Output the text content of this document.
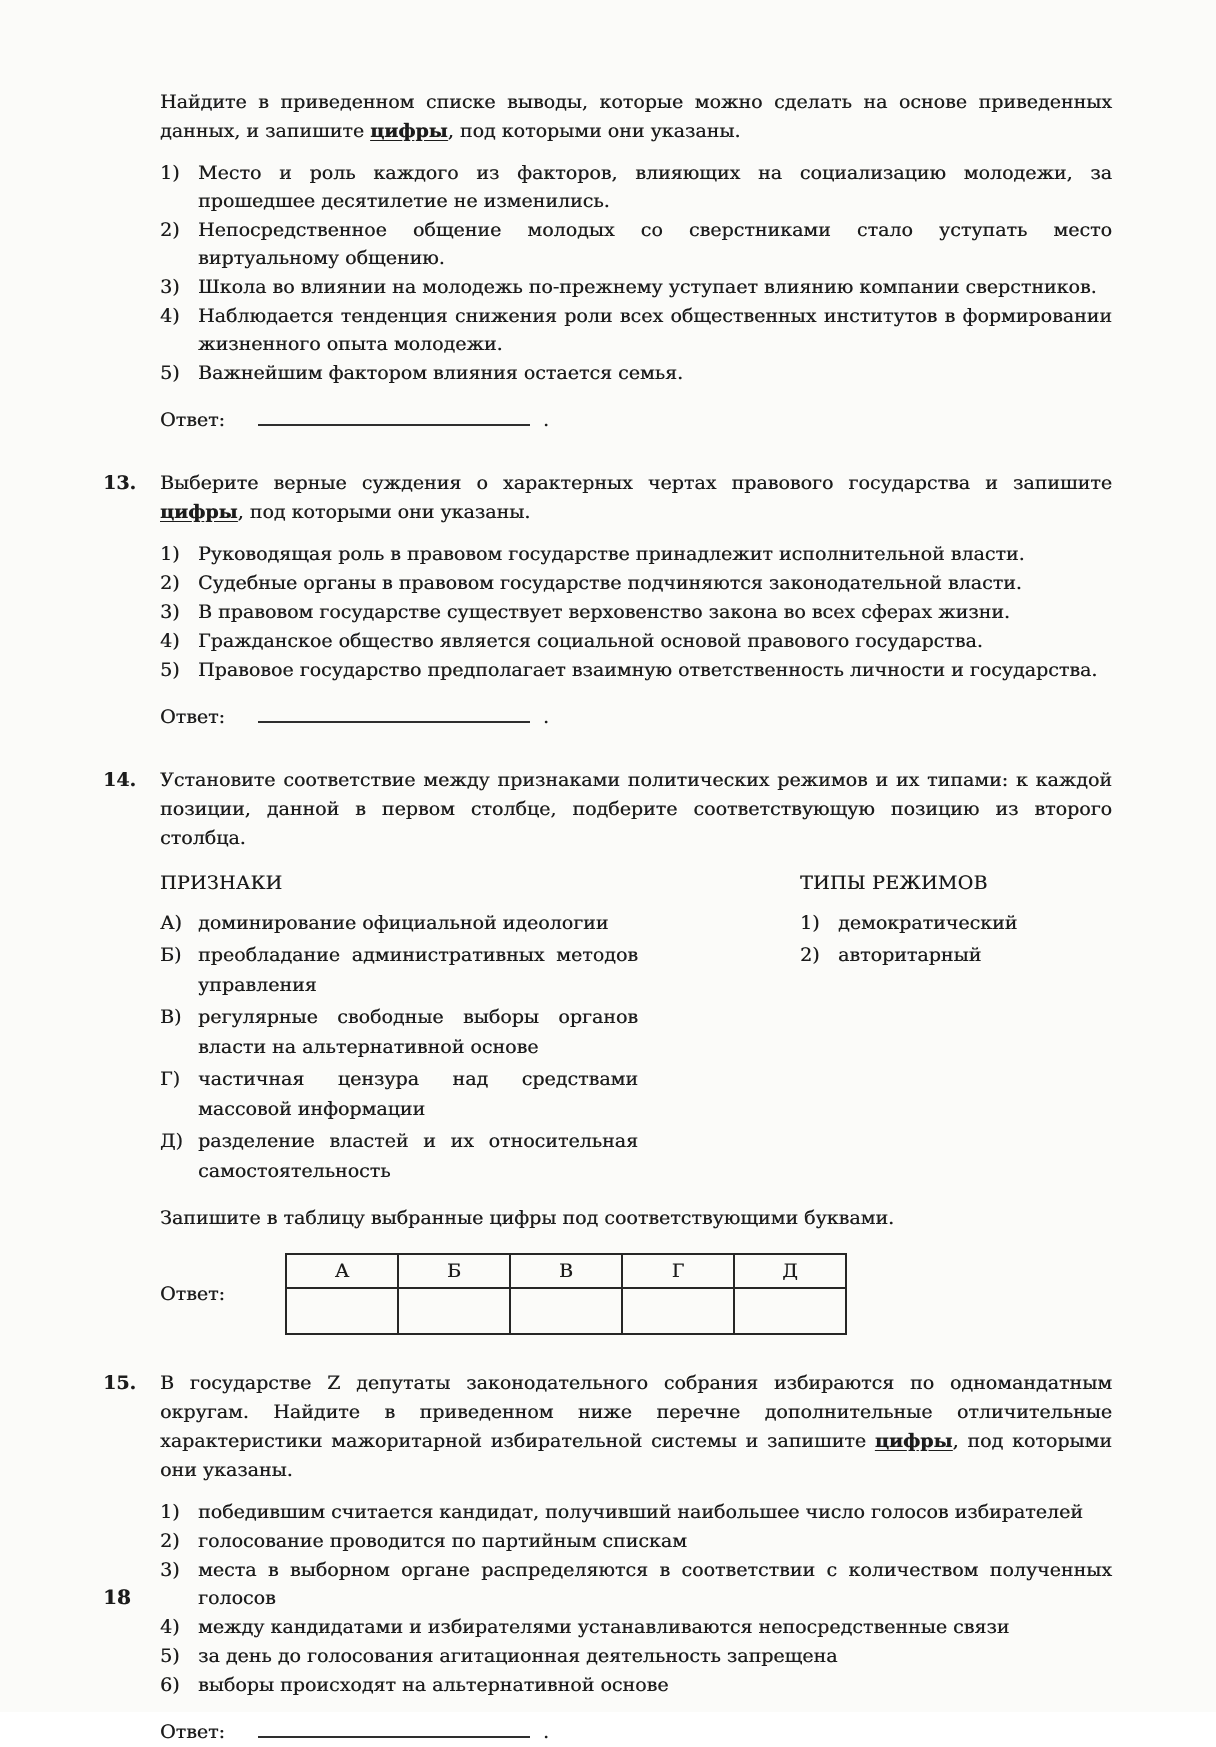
Найдите в приведенном списке выводы, которые можно сделать на основе приведенных данных, и запишите цифры, под которыми они указаны.
1) Место и роль каждого из факторов, влияющих на социализацию молодежи, за прошедшее десятилетие не изменились.
2) Непосредственное общение молодых со сверстниками стало уступать место виртуальному общению.
3) Школа во влиянии на молодежь по-прежнему уступает влиянию компании сверстников.
4) Наблюдается тенденция снижения роли всех общественных институтов в формировании жизненного опыта молодежи.
5) Важнейшим фактором влияния остается семья.
Ответ:	.
13. Выберите верные суждения о характерных чертах правового государства и запишите цифры, под которыми они указаны.
1) Руководящая роль в правовом государстве принадлежит исполнительной власти.
2) Судебные органы в правовом государстве подчиняются законодательной власти.
3) В правовом государстве существует верховенство закона во всех сферах жизни.
4) Гражданское общество является социальной основой правового государства.
5) Правовое государство предполагает взаимную ответственность личности и государства.
Ответ:	.
14. Установите соответствие между признаками политических режимов и их типами: к каждой позиции, данной в первом столбце, подберите соответствующую позицию из второго столбца.
ПРИЗНАКИ
А) доминирование официальной идеологии
Б) преобладание административных методов управления
В) регулярные свободные выборы органов власти на альтернативной основе
Г) частичная цензура над средствами массовой информации
Д) разделение властей и их относительная самостоятельность
ТИПЫ РЕЖИМОВ
1) демократический
2) авторитарный
Запишите в таблицу выбранные цифры под соответствующими буквами.
Ответ:
А	Б	В	Г	Д

15. В государстве Z депутаты законодательного собрания избираются по одномандатным округам. Найдите в приведенном ниже перечне дополнительные отличительные характеристики мажоритарной избирательной системы и запишите цифры, под которыми они указаны.
1) победившим считается кандидат, получивший наибольшее число голосов избирателей
2) голосование проводится по партийным спискам
3) места в выборном органе распределяются в соответствии с количеством полученных голосов
4) между кандидатами и избирателями устанавливаются непосредственные связи
5) за день до голосования агитационная деятельность запрещена
6) выборы происходят на альтернативной основе
Ответ:	.
18
